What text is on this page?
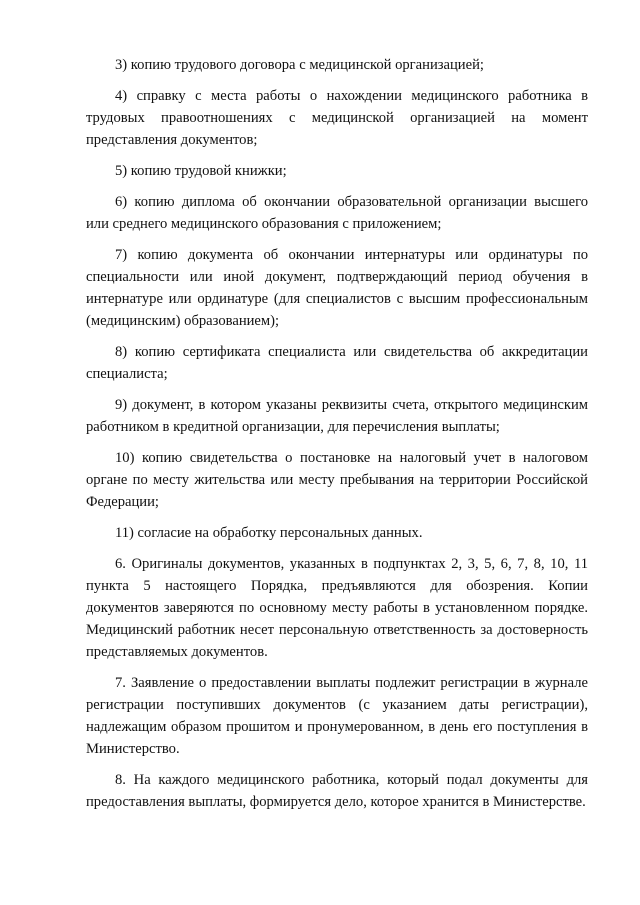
3) копию трудового договора с медицинской организацией;

4) справку с места работы о нахождении медицинского работника в трудовых правоотношениях с медицинской организацией на момент представления документов;

5) копию трудовой книжки;

6) копию диплома об окончании образовательной организации высшего или среднего медицинского образования с приложением;

7) копию документа об окончании интернатуры или ординатуры по специальности или иной документ, подтверждающий период обучения в интернатуре или ординатуре (для специалистов с высшим профессиональным (медицинским) образованием);

8) копию сертификата специалиста или свидетельства об аккредитации специалиста;

9) документ, в котором указаны реквизиты счета, открытого медицинским работником в кредитной организации, для перечисления выплаты;

10) копию свидетельства о постановке на налоговый учет в налоговом органе по месту жительства или месту пребывания на территории Российской Федерации;

11) согласие на обработку персональных данных.

6. Оригиналы документов, указанных в подпунктах 2, 3, 5, 6, 7, 8, 10, 11 пункта 5 настоящего Порядка, предъявляются для обозрения. Копии документов заверяются по основному месту работы в установленном порядке. Медицинский работник несет персональную ответственность за достоверность представляемых документов.

7. Заявление о предоставлении выплаты подлежит регистрации в журнале регистрации поступивших документов (с указанием даты регистрации), надлежащим образом прошитом и пронумерованном, в день его поступления в Министерство.

8. На каждого медицинского работника, который подал документы для предоставления выплаты, формируется дело, которое хранится в Министерстве.
